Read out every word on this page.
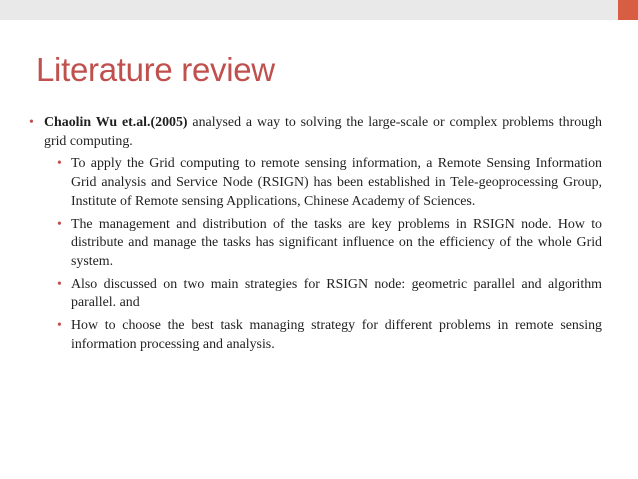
Literature review
• Chaolin Wu et.al.(2005) analysed a way to solving the large-scale or complex problems through grid computing.
• To apply the Grid computing to remote sensing information, a Remote Sensing Information Grid analysis and Service Node (RSIGN) has been established in Tele-geoprocessing Group, Institute of Remote sensing Applications, Chinese Academy of Sciences.
• The management and distribution of the tasks are key problems in RSIGN node. How to distribute and manage the tasks has significant influence on the efficiency of the whole Grid system.
• Also discussed on two main strategies for RSIGN node: geometric parallel and algorithm parallel. and
• How to choose the best task managing strategy for different problems in remote sensing information processing and analysis.
